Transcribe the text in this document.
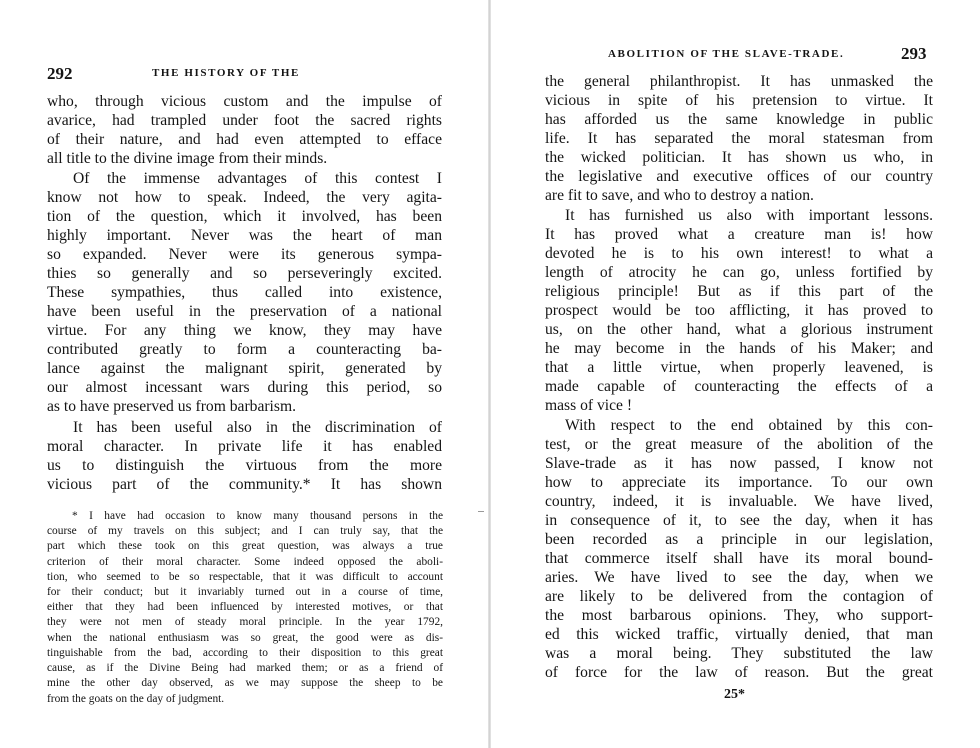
292	THE HISTORY OF THE
who, through vicious custom and the impulse of
avarice, had trampled under foot the sacred rights
of their nature, and had even attempted to efface
all title to the divine image from their minds.
Of the immense advantages of this contest I
know not how to speak. Indeed, the very agita-
tion of the question, which it involved, has been
highly important. Never was the heart of man
so expanded. Never were its generous sympa-
thies so generally and so perseveringly excited.
These sympathies, thus called into existence,
have been useful in the preservation of a national
virtue. For any thing we know, they may have
contributed greatly to form a counteracting ba-
lance against the malignant spirit, generated by
our almost incessant wars during this period, so
as to have preserved us from barbarism.
It has been useful also in the discrimination of
moral character. In private life it has enabled
us to distinguish the virtuous from the more
vicious part of the community.* It has shown
* I have had occasion to know many thousand persons in the
course of my travels on this subject; and I can truly say, that the
part which these took on this great question, was always a true
criterion of their moral character. Some indeed opposed the aboli-
tion, who seemed to be so respectable, that it was difficult to account
for their conduct; but it invariably turned out in a course of time,
either that they had been influenced by interested motives, or that
they were not men of steady moral principle. In the year 1792,
when the national enthusiasm was so great, the good were as dis-
tinguishable from the bad, according to their disposition to this great
cause, as if the Divine Being had marked them; or as a friend of
mine the other day observed, as we may suppose the sheep to be
from the goats on the day of judgment.
ABOLITION OF THE SLAVE-TRADE.	293
the general philanthropist. It has unmasked the
vicious in spite of his pretension to virtue. It
has afforded us the same knowledge in public
life. It has separated the moral statesman from
the wicked politician. It has shown us who, in
the legislative and executive offices of our country
are fit to save, and who to destroy a nation.
It has furnished us also with important lessons.
It has proved what a creature man is! how
devoted he is to his own interest! to what a
length of atrocity he can go, unless fortified by
religious principle! But as if this part of the
prospect would be too afflicting, it has proved to
us, on the other hand, what a glorious instrument
he may become in the hands of his Maker; and
that a little virtue, when properly leavened, is
made capable of counteracting the effects of a
mass of vice !
With respect to the end obtained by this con-
test, or the great measure of the abolition of the
Slave-trade as it has now passed, I know not
how to appreciate its importance. To our own
country, indeed, it is invaluable. We have lived,
in consequence of it, to see the day, when it has
been recorded as a principle in our legislation,
that commerce itself shall have its moral bound-
aries. We have lived to see the day, when we
are likely to be delivered from the contagion of
the most barbarous opinions. They, who support-
ed this wicked traffic, virtually denied, that man
was a moral being. They substituted the law
of force for the law of reason. But the great
25*
